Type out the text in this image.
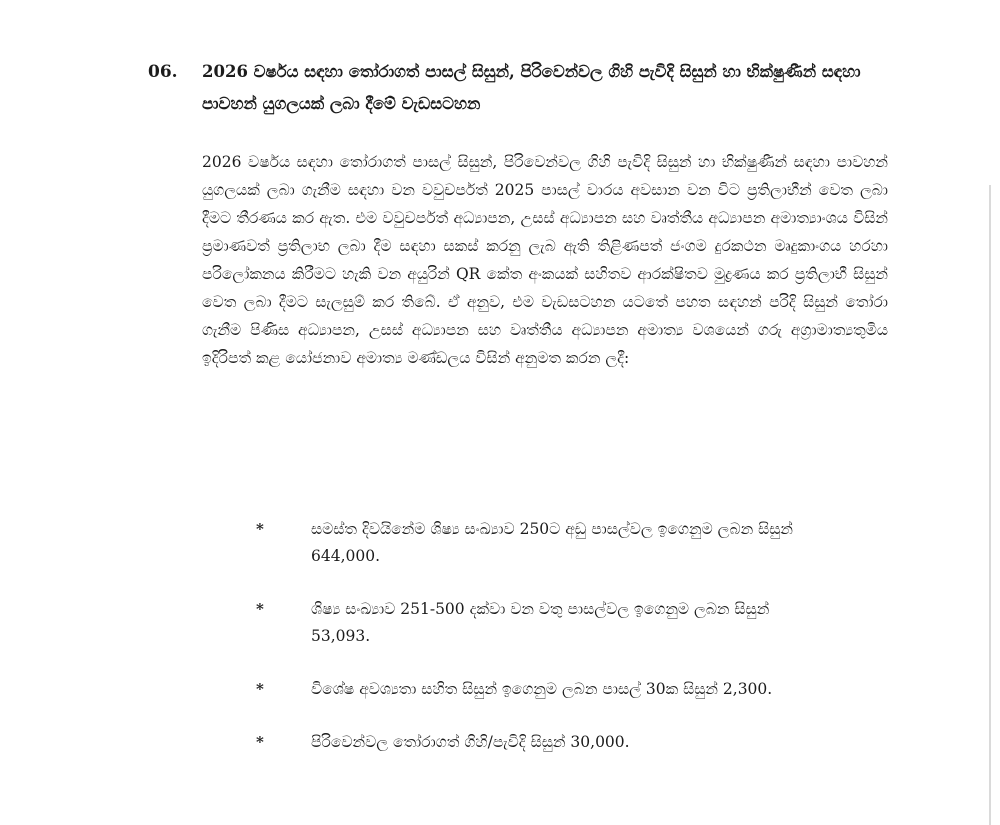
06. 2026 වර්ෂය සඳහා තෝරාගත් පාසල් සිසුන්, පිරිවෙන්වල ගිහි පැවිදි සිසුන් හා භික්ෂුණීන් සඳහා පාවහන් යුගලයක් ලබා දීමේ වැඩසටහන
2026 වර්ෂය සඳහා තෝරාගත් පාසල් සිසුන්, පිරිවෙන්වල ගිහි පැවිදි සිසුන් හා භික්ෂුණීන් සඳහා පාවහන් යුගලයක් ලබා ගැනීම සඳහා වන වවුචර්පත් 2025 පාසල් වාරය අවසාන වන විට ප්‍රතිලාභීන් වෙත ලබා දීමට තීරණය කර ඇත. එම වවුචර්පත් අධ්‍යාපන, උසස් අධ්‍යාපන සහ වෘත්තීය අධ්‍යාපන අමාත්‍යාංශය විසින් ප්‍රමාණවත් ප්‍රතිලාභ ලබා දීම සඳහා සකස් කරනු ලැබ ඇති තිළිණපත් ජංගම දුරකථන මෘදුකාංගය හරහා පරිලෝකනය කිරීමට හැකි වන අයුරින් QR කේත අංකයක් සහිතව ආරක්ෂිතව මුද්‍රණය කර ප්‍රතිලාභී සිසුන් වෙත ලබා දීමට සැලසුම් කර තිබේ. ඒ අනුව, එම වැඩසටහන යටතේ පහත සඳහන් පරිදි සිසුන් තෝරා ගැනීම පිණිස අධ්‍යාපන, උසස් අධ්‍යාපන සහ වෘත්තීය අධ්‍යාපන අමාත්‍ය වශයෙන් ගරු අග්‍රාමාත්‍යතුමිය ඉදිරිපත් කළ යෝජනාව අමාත්‍ය මණ්ඩලය විසින් අනුමත කරන ලදී:
*	සමස්ත දිවයිනේම ශිෂ්‍ය සංඛ්‍යාව 250ට අඩු පාසල්වල ඉගෙනුම ලබන සිසුන් 644,000.
*	ශිෂ්‍ය සංඛ්‍යාව 251-500 දක්වා වන වතු පාසල්වල ඉගෙනුම ලබන සිසුන් 53,093.
*	විශේෂ අවශ්‍යතා සහිත සිසුන් ඉගෙනුම ලබන පාසල් 30ක සිසුන් 2,300.
*	පිරිවෙන්වල තෝරාගත් ගිහි/පැවිදි සිසුන් 30,000.
